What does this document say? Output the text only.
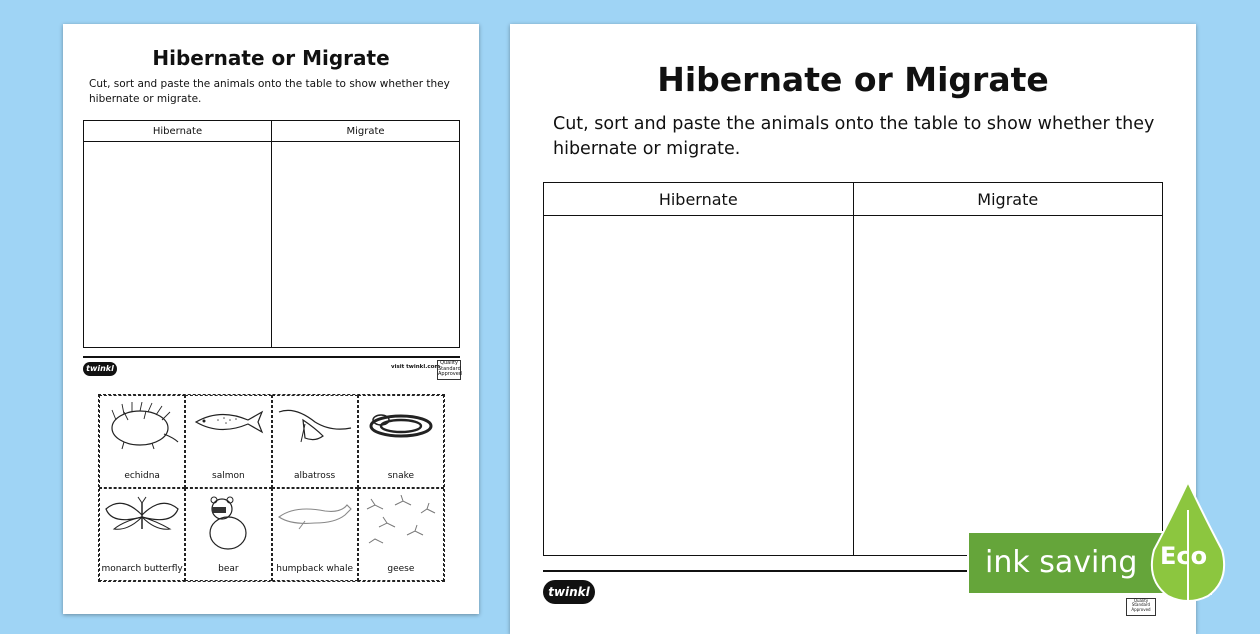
Hibernate or Migrate
Cut, sort and paste the animals onto the table to show whether they hibernate or migrate.
Hibernate	Migrate

twinkl	visit twinkl.com
Quality Standard Approved
echidna	salmon	albatross	snake
monarch butterfly	bear	humpback whale	geese
Hibernate or Migrate
Cut, sort and paste the animals onto the table to show whether they hibernate or migrate.
Hibernate	Migrate

twinkl
Quality Standard Approved
ink saving Eco
